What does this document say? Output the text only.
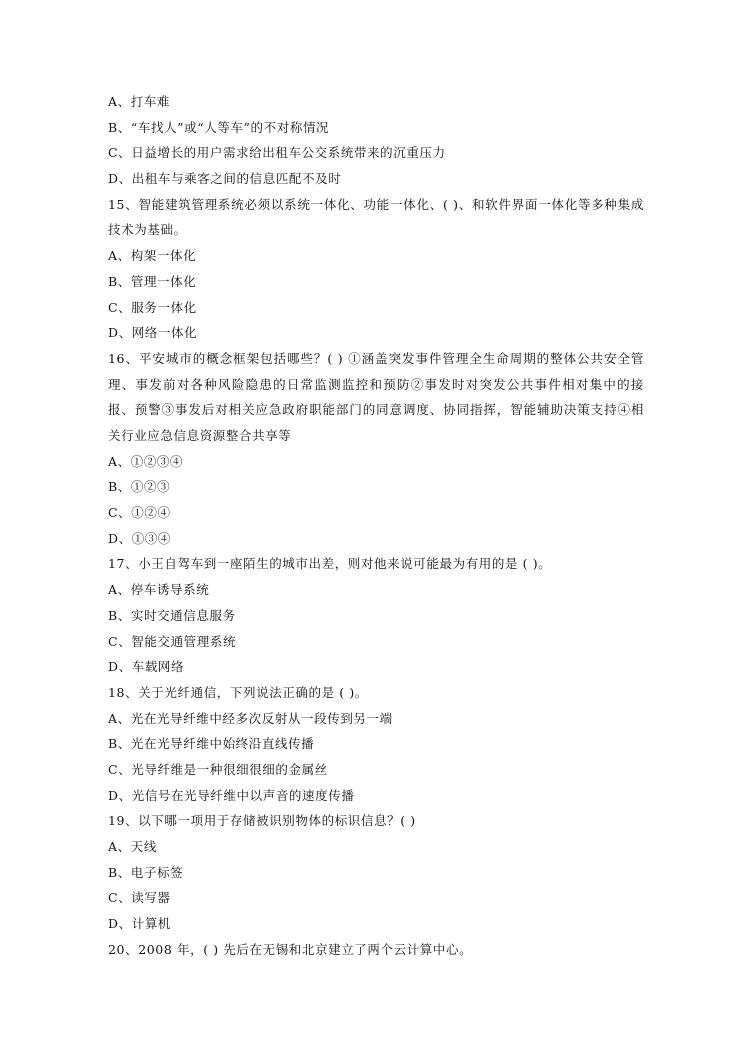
A、打车难
B、“车找人”或“人等车”的不对称情况
C、日益增长的用户需求给出租车公交系统带来的沉重压力
D、出租车与乘客之间的信息匹配不及时
15、智能建筑管理系统必须以系统一体化、功能一体化、( )、和软件界面一体化等多种集成技术为基础。
A、构架一体化
B、管理一体化
C、服务一体化
D、网络一体化
16、平安城市的概念框架包括哪些？( ) ①涵盖突发事件管理全生命周期的整体公共安全管理、事发前对各种风险隐患的日常监测监控和预防②事发时对突发公共事件相对集中的接报、预警③事发后对相关应急政府职能部门的同意调度、协同指挥，智能辅助决策支持④相关行业应急信息资源整合共享等
A、①②③④
B、①②③
C、①②④
D、①③④
17、小王自驾车到一座陌生的城市出差，则对他来说可能最为有用的是 ( )。
A、停车诱导系统
B、实时交通信息服务
C、智能交通管理系统
D、车载网络
18、关于光纤通信，下列说法正确的是 ( )。
A、光在光导纤维中经多次反射从一段传到另一端
B、光在光导纤维中始终沿直线传播
C、光导纤维是一种很细很细的金属丝
D、光信号在光导纤维中以声音的速度传播
19、以下哪一项用于存储被识别物体的标识信息？( )
A、天线
B、电子标签
C、读写器
D、计算机
20、2008 年，( ) 先后在无锡和北京建立了两个云计算中心。
